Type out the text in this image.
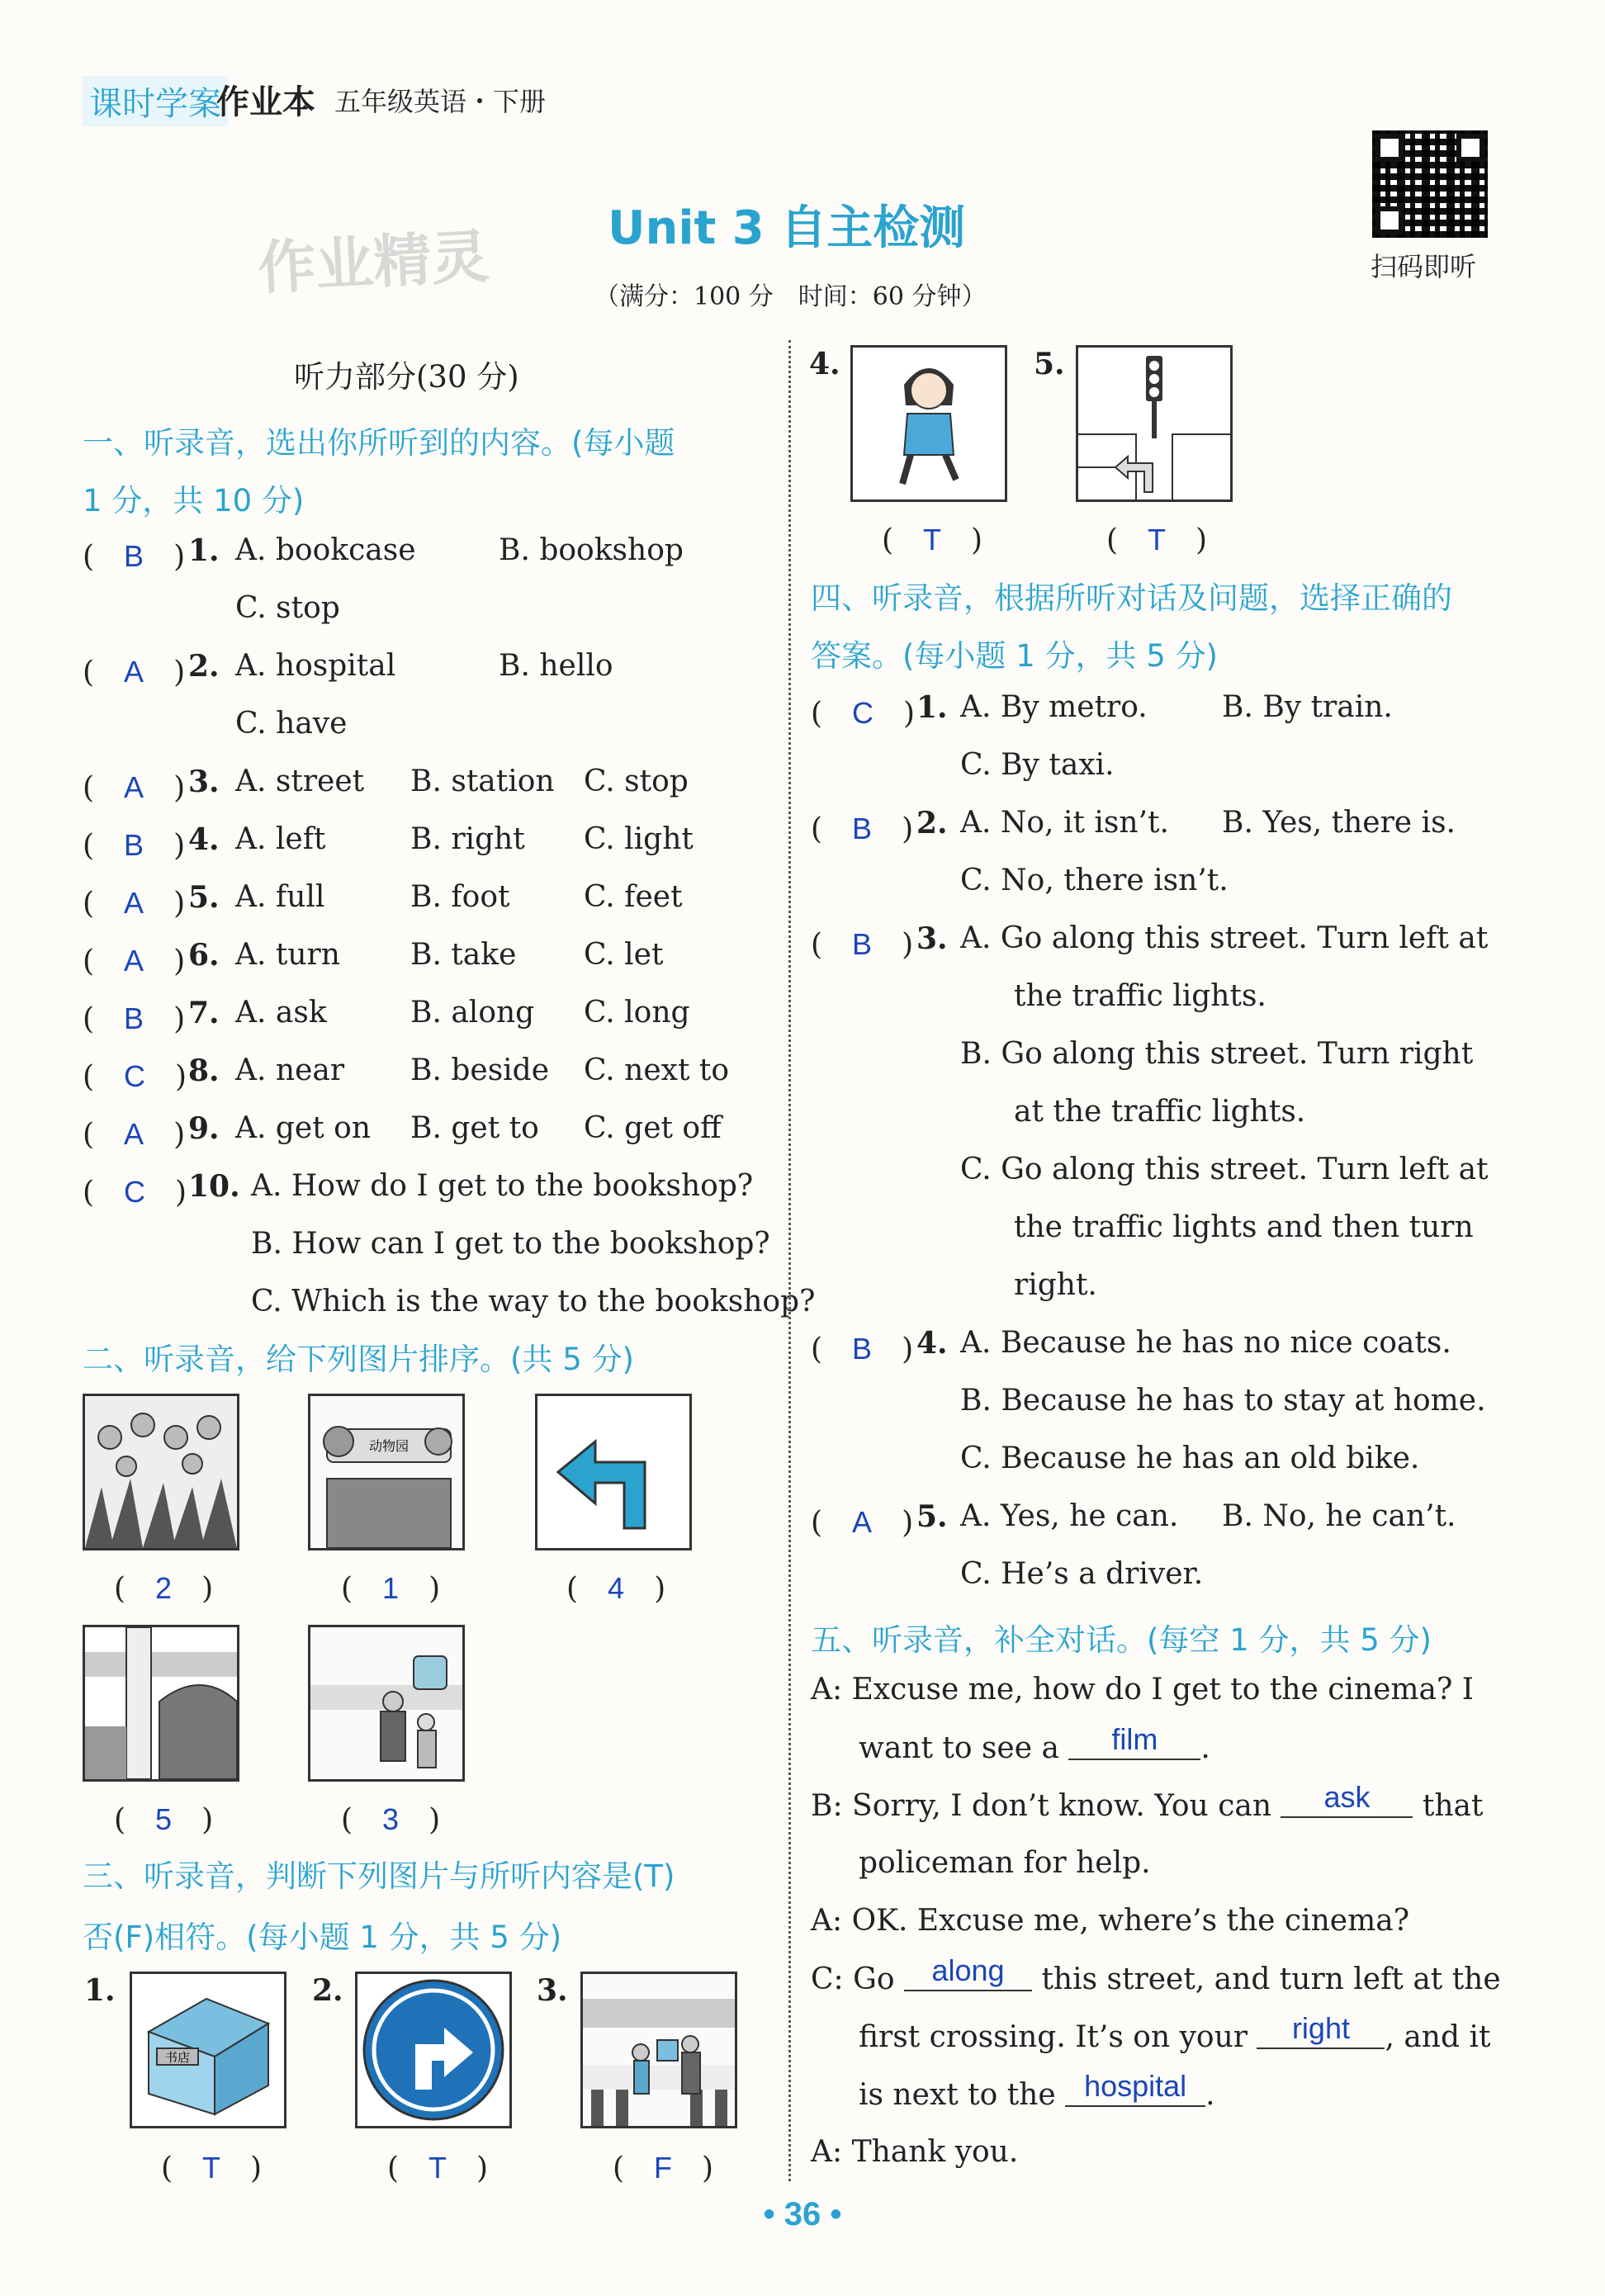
课时学案
作业本 五年级英语・下册
扫码即听
作业精灵	Unit 3 自主检测
（满分：100 分　时间：60 分钟）
听力部分(30 分)
一、听录音，选出你所听到的内容。(每小题
1 分，共 10 分)
(　B　) 1. A. bookcase	B. bookshop
C. stop
(　A　) 2. A. hospital	B. hello
C. have
(　A　) 3. A. street B. station C. stop
(　B　) 4. A. left	B. right C. light
(　A　) 5. A. full	B. foot C. feet
(　A　) 6. A. turn B. take C. let
(　B　) 7. A. ask	B. along C. long
(　C　) 8. A. near B. beside C. next to
(　A　) 9. A. get on B. get to C. get off
(　C　) 10. A. How do I get to the bookshop?
B. How can I get to the bookshop?
C. Which is the way to the bookshop?
二、听录音，给下列图片排序。(共 5 分)
动物园
(　2　)	(　1　)	(　4　)
(　5　)	(　3　)
三、听录音，判断下列图片与所听内容是(T)
否(F)相符。(每小题 1 分，共 5 分)
1.
书店
2.	3.
(　T　)	(　T　)	(　F　)
4.	5.
(　T　)	(　T　)
四、听录音，根据所听对话及问题，选择正确的
答案。(每小题 1 分，共 5 分)
(　C　) 1. A. By metro.	B. By train.
C. By taxi.
(　B　) 2. A. No, it isn’t. B. Yes, there is.
C. No, there isn’t.
(　B　) 3. A. Go along this street. Turn left at
the traffic lights.
B. Go along this street. Turn right
at the traffic lights.
C. Go along this street. Turn left at
the traffic lights and then turn
right.
(　B　) 4. A. Because he has no nice coats.
B. Because he has to stay at home.
C. Because he has an old bike.
(　A　) 5. A. Yes, he can. B. No, he can’t.
C. He’s a driver.
五、听录音，补全对话。(每空 1 分，共 5 分)
A: Excuse me, how do I get to the cinema? I
want to see a film .
B: Sorry, I don’t know. You can ask that
policeman for help.
A: OK. Excuse me, where’s the cinema?
C: Go along this street, and turn left at the
first crossing. It’s on your right , and it
is next to the hospital .
A: Thank you.
• 36 •
